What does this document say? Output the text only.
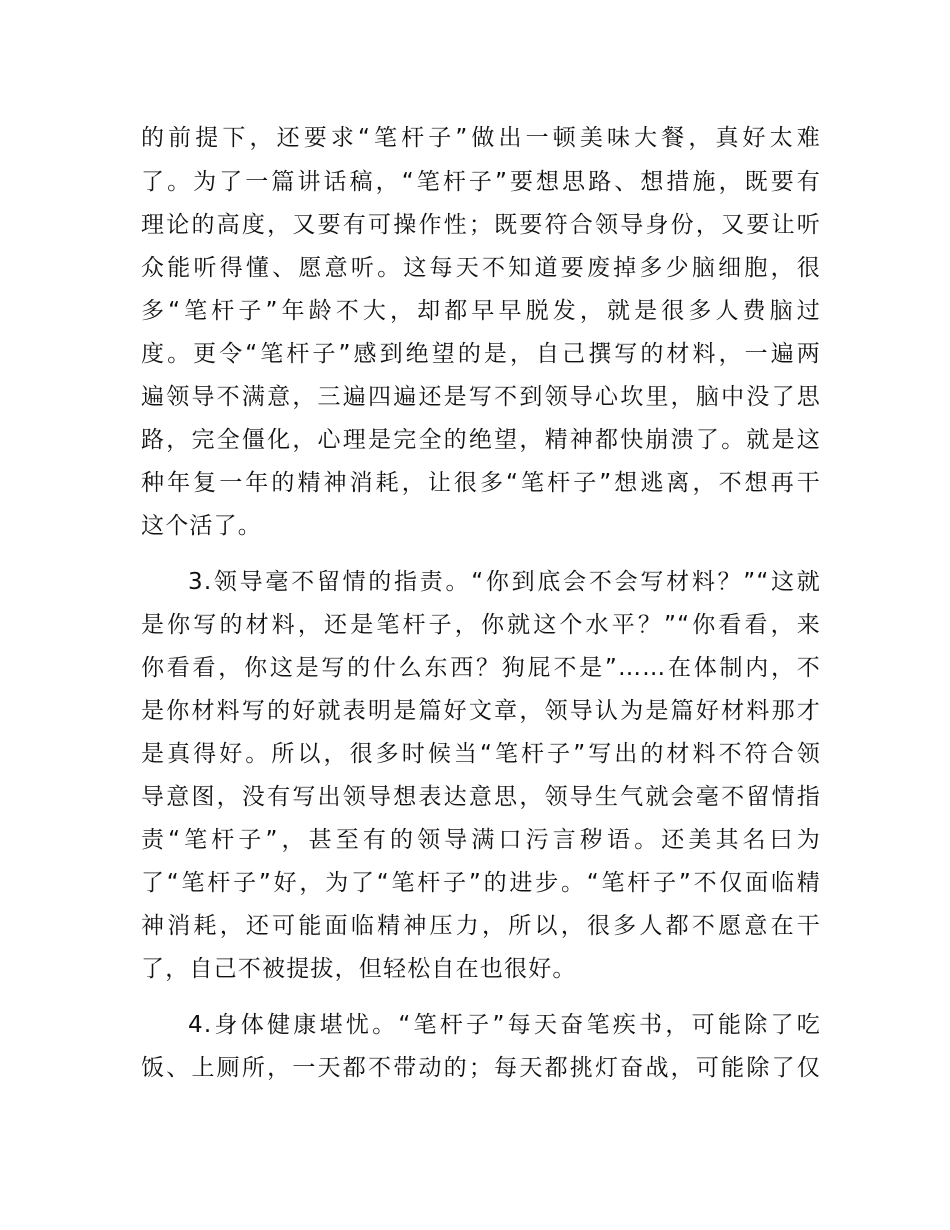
的前提下，还要求“笔杆子”做出一顿美味大餐，真好太难

了。为了一篇讲话稿，“笔杆子”要想思路、想措施，既要有

理论的高度，又要有可操作性；既要符合领导身份，又要让听

众能听得懂、愿意听。这每天不知道要废掉多少脑细胞，很

多“笔杆子”年龄不大，却都早早脱发，就是很多人费脑过

度。更令“笔杆子”感到绝望的是，自己撰写的材料，一遍两

遍领导不满意，三遍四遍还是写不到领导心坎里，脑中没了思

路，完全僵化，心理是完全的绝望，精神都快崩溃了。就是这

种年复一年的精神消耗，让很多“笔杆子”想逃离，不想再干

这个活了。

3.领导毫不留情的指责。“你到底会不会写材料？”“这就

是你写的材料，还是笔杆子，你就这个水平？”“你看看，来

你看看，你这是写的什么东西？狗屁不是”……在体制内，不

是你材料写的好就表明是篇好文章，领导认为是篇好材料那才

是真得好。所以，很多时候当“笔杆子”写出的材料不符合领

导意图，没有写出领导想表达意思，领导生气就会毫不留情指

责“笔杆子”，甚至有的领导满口污言秽语。还美其名曰为

了“笔杆子”好，为了“笔杆子”的进步。“笔杆子”不仅面临精

神消耗，还可能面临精神压力，所以，很多人都不愿意在干

了，自己不被提拔，但轻松自在也很好。

4.身体健康堪忧。“笔杆子”每天奋笔疾书，可能除了吃

饭、上厕所，一天都不带动的；每天都挑灯奋战，可能除了仅
